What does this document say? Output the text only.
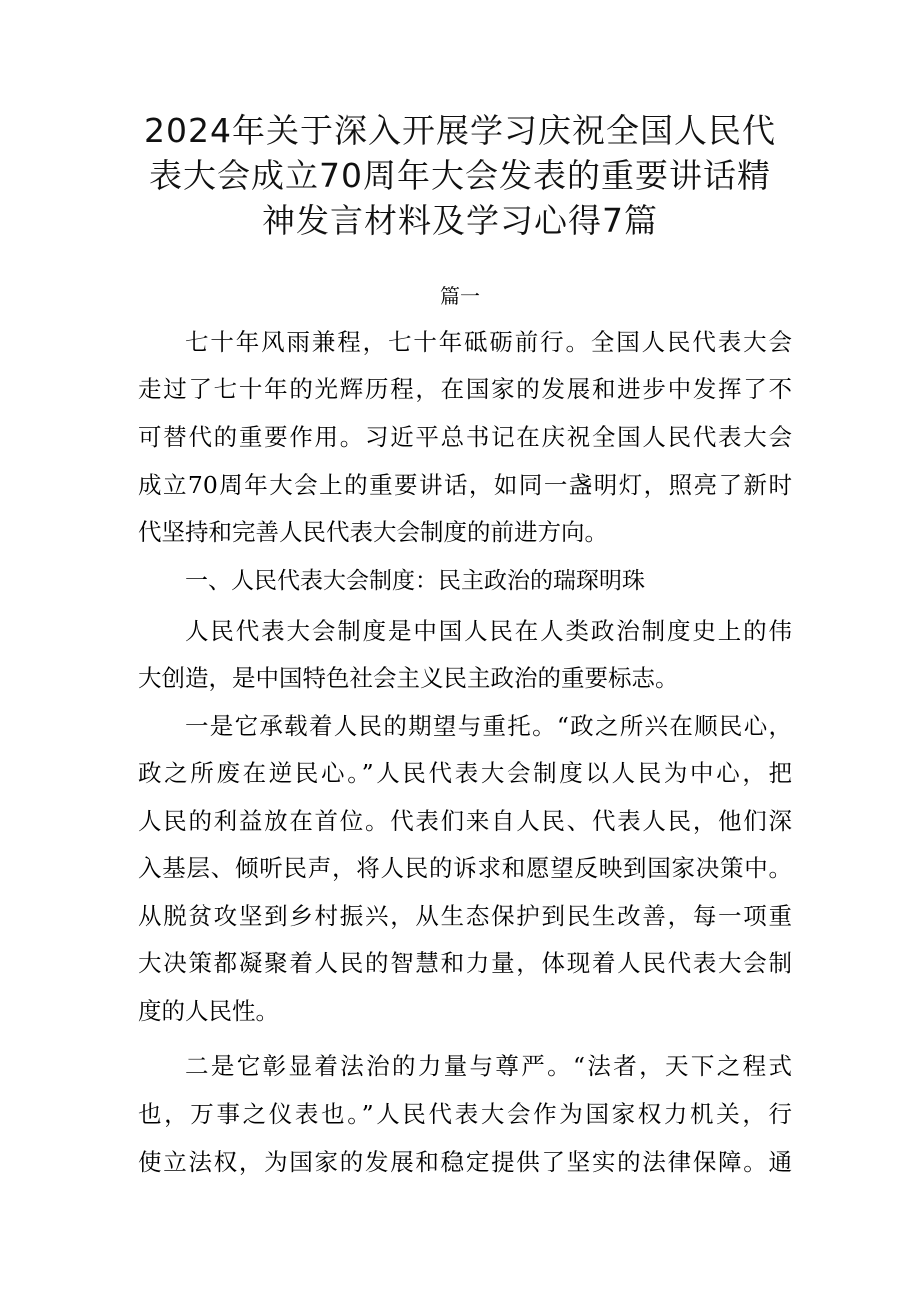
2024年关于深入开展学习庆祝全国人民代
表大会成立70周年大会发表的重要讲话精
神发言材料及学习心得7篇
篇一
七十年风雨兼程，七十年砥砺前行。全国人民代表大会
走过了七十年的光辉历程，在国家的发展和进步中发挥了不
可替代的重要作用。习近平总书记在庆祝全国人民代表大会
成立70周年大会上的重要讲话，如同一盏明灯，照亮了新时
代坚持和完善人民代表大会制度的前进方向。
一、人民代表大会制度：民主政治的瑞琛明珠
人民代表大会制度是中国人民在人类政治制度史上的伟
大创造，是中国特色社会主义民主政治的重要标志。
一是它承载着人民的期望与重托。“政之所兴在顺民心，
政之所废在逆民心。”人民代表大会制度以人民为中心，把
人民的利益放在首位。代表们来自人民、代表人民，他们深
入基层、倾听民声，将人民的诉求和愿望反映到国家决策中。
从脱贫攻坚到乡村振兴，从生态保护到民生改善，每一项重
大决策都凝聚着人民的智慧和力量，体现着人民代表大会制
度的人民性。
二是它彰显着法治的力量与尊严。“法者，天下之程式
也，万事之仪表也。”人民代表大会作为国家权力机关，行
使立法权，为国家的发展和稳定提供了坚实的法律保障。通
